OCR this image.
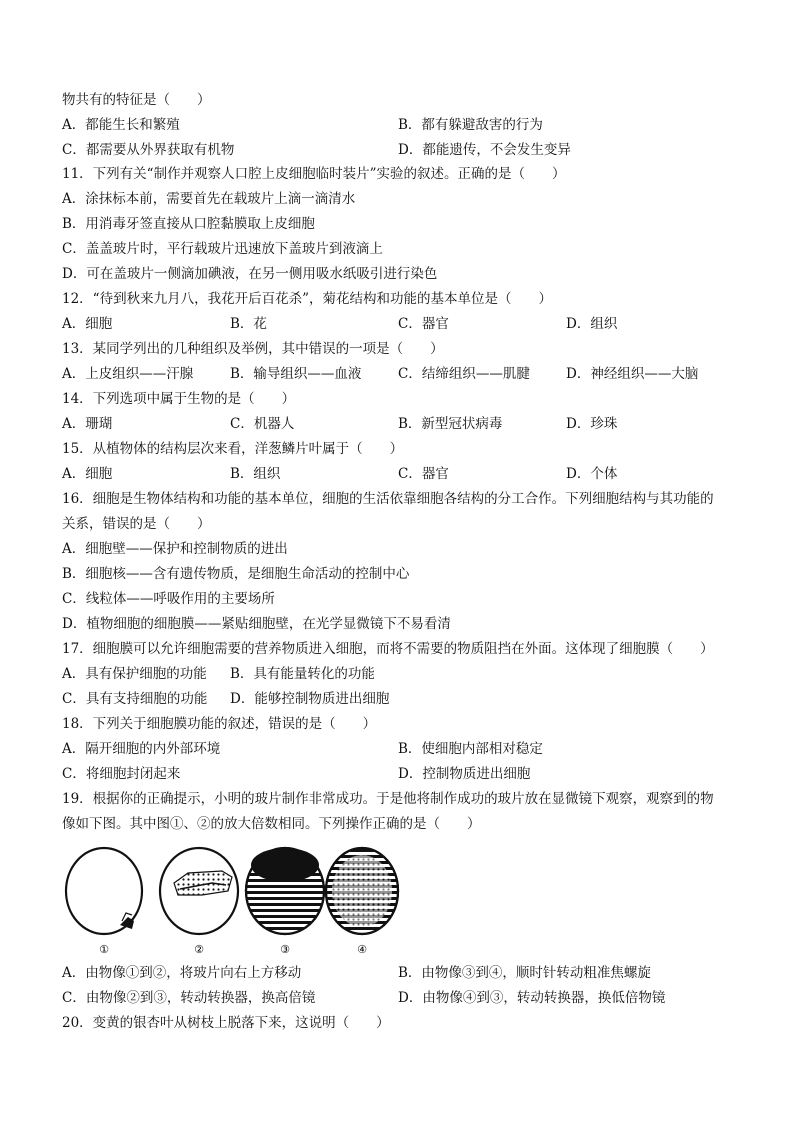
物共有的特征是（　　）
A．都能生长和繁殖	B．都有躲避敌害的行为
C．都需要从外界获取有机物	D．都能遗传，不会发生变异
11．下列有关“制作并观察人口腔上皮细胞临时装片”实验的叙述。正确的是（　　）
A．涂抹标本前，需要首先在载玻片上滴一滴清水
B．用消毒牙签直接从口腔黏膜取上皮细胞
C．盖盖玻片时，平行载玻片迅速放下盖玻片到液滴上
D．可在盖玻片一侧滴加碘液，在另一侧用吸水纸吸引进行染色
12．“待到秋来九月八，我花开后百花杀”，菊花结构和功能的基本单位是（　　）
A．细胞	B．花	C．器官	D．组织
13．某同学列出的几种组织及举例，其中错误的一项是（　　）
A．上皮组织——汗腺	B．输导组织——血液	C．结缔组织——肌腱	D．神经组织——大脑
14．下列选项中属于生物的是（　　）
A．珊瑚	C．机器人	B．新型冠状病毒	D．珍珠
15．从植物体的结构层次来看，洋葱鳞片叶属于（　　）
A．细胞	B．组织	C．器官	D．个体
16．细胞是生物体结构和功能的基本单位，细胞的生活依靠细胞各结构的分工合作。下列细胞结构与其功能的
关系，错误的是（　　）
A．细胞壁——保护和控制物质的进出
B．细胞核——含有遗传物质，是细胞生命活动的控制中心
C．线粒体——呼吸作用的主要场所
D．植物细胞的细胞膜——紧贴细胞壁，在光学显微镜下不易看清
17．细胞膜可以允许细胞需要的营养物质进入细胞，而将不需要的物质阻挡在外面。这体现了细胞膜（　　）
A．具有保护细胞的功能 B．具有能量转化的功能
C．具有支持细胞的功能 D．能够控制物质进出细胞
18．下列关于细胞膜功能的叙述，错误的是（　　）
A．隔开细胞的内外部环境	B．使细胞内部相对稳定
C．将细胞封闭起来	D．控制物质进出细胞
19．根据你的正确提示，小明的玻片制作非常成功。于是他将制作成功的玻片放在显微镜下观察，观察到的物
像如下图。其中图①、②的放大倍数相同。下列操作正确的是（　　）
①	②	③	④
A．由物像①到②，将玻片向右上方移动	B．由物像③到④，顺时针转动粗准焦螺旋
C．由物像②到③，转动转换器，换高倍镜	D．由物像④到③，转动转换器，换低倍物镜
20．变黄的银杏叶从树枝上脱落下来，这说明（　　）
